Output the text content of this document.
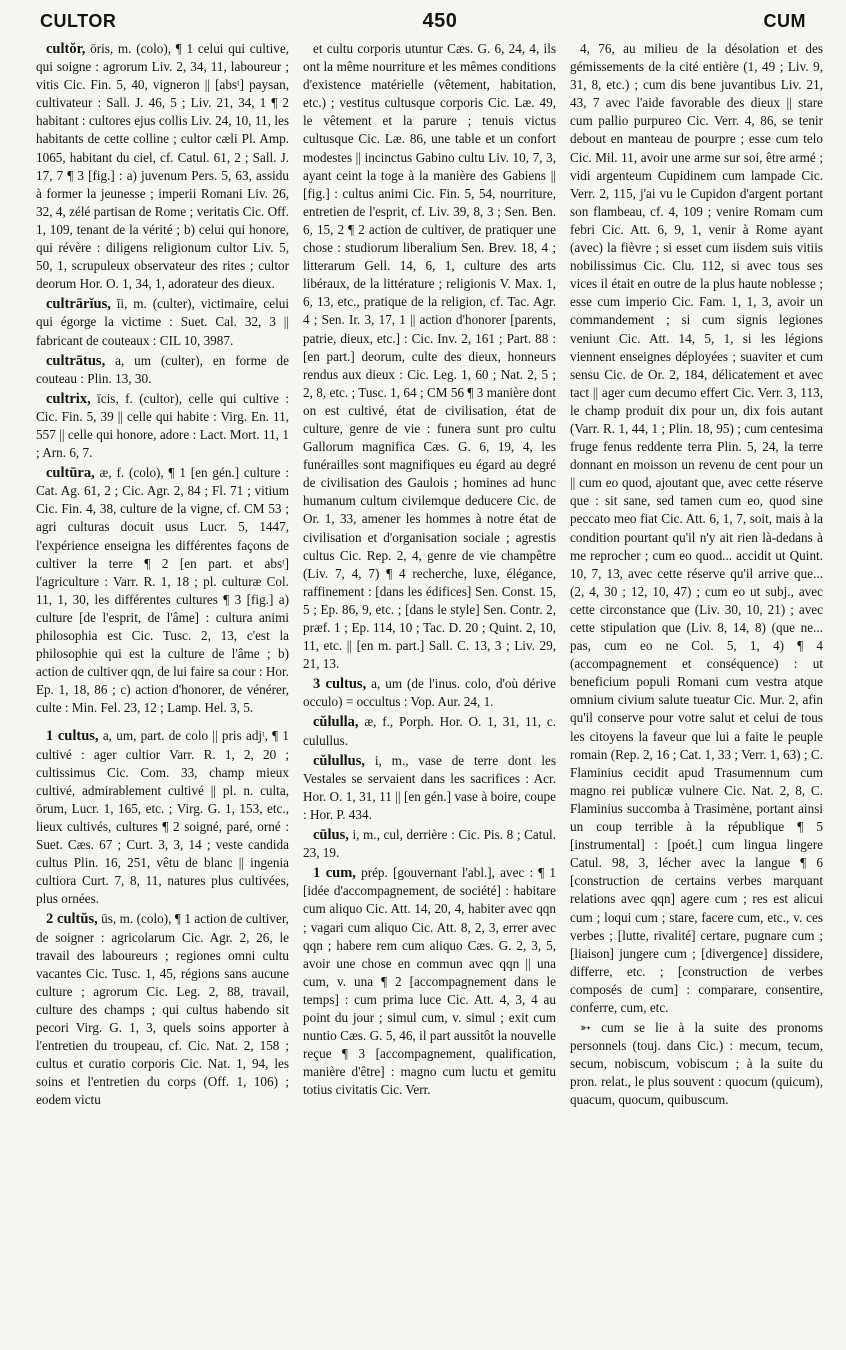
CULTOR	450	CUM

cultŏr, ōris, m. (colo), ¶ 1 celui qui cultive, qui soigne : agrorum Liv. 2, 34, 11, laboureur ; vitis Cic. Fin. 5, 40, vigneron || [absᵗ] paysan, cultivateur : Sall. J. 46, 5 ; Liv. 21, 34, 1 ¶ 2 habitant : cultores ejus collis Liv. 24, 10, 11, les habitants de cette colline ; cultor cæli Pl. Amp. 1065, habitant du ciel, cf. Catul. 61, 2 ; Sall. J. 17, 7 ¶ 3 [fig.] : a) juvenum Pers. 5, 63, assidu à former la jeunesse ; imperii Romani Liv. 26, 32, 4, zélé partisan de Rome ; veritatis Cic. Off. 1, 109, tenant de la vérité ; b) celui qui honore, qui révère : diligens religionum cultor Liv. 5, 50, 1, scrupuleux observateur des rites ; cultor deorum Hor. O. 1, 34, 1, adorateur des dieux.

cultrārĭus, ĭi, m. (culter), victimaire, celui qui égorge la victime : Suet. Cal. 32, 3 || fabricant de couteaux : CIL 10, 3987.

cultrātus, a, um (culter), en forme de couteau : Plin. 13, 30.

cultrix, īcis, f. (cultor), celle qui cultive : Cic. Fin. 5, 39 || celle qui habite : Virg. En. 11, 557 || celle qui honore, adore : Lact. Mort. 11, 1 ; Arn. 6, 7.

cultūra, æ, f. (colo), ¶ 1 [en gén.] culture : Cat. Ag. 61, 2 ; Cic. Agr. 2, 84 ; Fl. 71 ; vitium Cic. Fin. 4, 38, culture de la vigne, cf. CM 53 ; agri culturas docuit usus Lucr. 5, 1447, l'expérience enseigna les différentes façons de cultiver la terre ¶ 2 [en part. et absᵗ] l'agriculture : Varr. R. 1, 18 ; pl. culturæ Col. 11, 1, 30, les différentes cultures ¶ 3 [fig.] a) culture [de l'esprit, de l'âme] : cultura animi philosophia est Cic. Tusc. 2, 13, c'est la philosophie qui est la culture de l'âme ; b) action de cultiver qqn, de lui faire sa cour : Hor. Ep. 1, 18, 86 ; c) action d'honorer, de vénérer, culte : Min. Fel. 23, 12 ; Lamp. Hel. 3, 5.

1 cultus, a, um, part. de colo || pris adjᵗ, ¶ 1 cultivé : ager cultior Varr. R. 1, 2, 20 ; cultissimus Cic. Com. 33, champ mieux cultivé, admirablement cultivé || pl. n. culta, ōrum, Lucr. 1, 165, etc. ; Virg. G. 1, 153, etc., lieux cultivés, cultures ¶ 2 soigné, paré, orné : Suet. Cæs. 67 ; Curt. 3, 3, 14 ; veste candida cultus Plin. 16, 251, vêtu de blanc || ingenia cultiora Curt. 7, 8, 11, natures plus cultivées, plus ornées.

2 cultŭs, ūs, m. (colo), ¶ 1 action de cultiver, de soigner : agricolarum Cic. Agr. 2, 26, le travail des laboureurs ; regiones omni cultu vacantes Cic. Tusc. 1, 45, régions sans aucune culture ; agrorum Cic. Leg. 2, 88, travail, culture des champs ; qui cultus habendo sit pecori Virg. G. 1, 3, quels soins apporter à l'entretien du troupeau, cf. Cic. Nat. 2, 158 ; cultus et curatio corporis Cic. Nat. 1, 94, les soins et l'entretien du corps (Off. 1, 106) ; eodem victu

et cultu corporis utuntur Cæs. G. 6, 24, 4, ils ont la même nourriture et les mêmes conditions d'existence matérielle (vêtement, habitation, etc.) ; vestitus cultusque corporis Cic. Læ. 49, le vêtement et la parure ; tenuis victus cultusque Cic. Læ. 86, une table et un confort modestes || incinctus Gabino cultu Liv. 10, 7, 3, ayant ceint la toge à la manière des Gabiens || [fig.] : cultus animi Cic. Fin. 5, 54, nourriture, entretien de l'esprit, cf. Liv. 39, 8, 3 ; Sen. Ben. 6, 15, 2 ¶ 2 action de cultiver, de pratiquer une chose : studiorum liberalium Sen. Brev. 18, 4 ; litterarum Gell. 14, 6, 1, culture des arts libéraux, de la littérature ; religionis V. Max. 1, 6, 13, etc., pratique de la religion, cf. Tac. Agr. 4 ; Sen. Ir. 3, 17, 1 || action d'honorer [parents, patrie, dieux, etc.] : Cic. Inv. 2, 161 ; Part. 88 : [en part.] deorum, culte des dieux, honneurs rendus aux dieux : Cic. Leg. 1, 60 ; Nat. 2, 5 ; 2, 8, etc. ; Tusc. 1, 64 ; CM 56 ¶ 3 manière dont on est cultivé, état de civilisation, état de culture, genre de vie : funera sunt pro cultu Gallorum magnifica Cæs. G. 6, 19, 4, les funérailles sont magnifiques eu égard au degré de civilisation des Gaulois ; homines ad hunc humanum cultum civilemque deducere Cic. de Or. 1, 33, amener les hommes à notre état de civilisation et d'organisation sociale ; agrestis cultus Cic. Rep. 2, 4, genre de vie champêtre (Liv. 7, 4, 7) ¶ 4 recherche, luxe, élégance, raffinement : [dans les édifices] Sen. Const. 15, 5 ; Ep. 86, 9, etc. ; [dans le style] Sen. Contr. 2, præf. 1 ; Ep. 114, 10 ; Tac. D. 20 ; Quint. 2, 10, 11, etc. || [en m. part.] Sall. C. 13, 3 ; Liv. 29, 21, 13.

3 cultus, a, um (de l'inus. colo, d'où dérive occulo) = occultus : Vop. Aur. 24, 1.

cŭlulla, æ, f., Porph. Hor. O. 1, 31, 11, c. culullus.

cŭlullus, i, m., vase de terre dont les Vestales se servaient dans les sacrifices : Acr. Hor. O. 1, 31, 11 || [en gén.] vase à boire, coupe : Hor. P. 434.

cūlus, i, m., cul, derrière : Cic. Pis. 8 ; Catul. 23, 19.

1 cum, prép. [gouvernant l'abl.], avec : ¶ 1 [idée d'accompagnement, de société] : habitare cum aliquo Cic. Att. 14, 20, 4, habiter avec qqn ; vagari cum aliquo Cic. Att. 8, 2, 3, errer avec qqn ; habere rem cum aliquo Cæs. G. 2, 3, 5, avoir une chose en commun avec qqn || una cum, v. una ¶ 2 [accompagnement dans le temps] : cum prima luce Cic. Att. 4, 3, 4 au point du jour ; simul cum, v. simul ; exit cum nuntio Cæs. G. 5, 46, il part aussitôt la nouvelle reçue ¶ 3 [accompagnement, qualification, manière d'être] : magno cum luctu et gemitu totius civitatis Cic. Verr.

4, 76, au milieu de la désolation et des gémissements de la cité entière (1, 49 ; Liv. 9, 31, 8, etc.) ; cum dis bene juvantibus Liv. 21, 43, 7 avec l'aide favorable des dieux || stare cum pallio purpureo Cic. Verr. 4, 86, se tenir debout en manteau de pourpre ; esse cum telo Cic. Mil. 11, avoir une arme sur soi, être armé ; vidi argenteum Cupidinem cum lampade Cic. Verr. 2, 115, j'ai vu le Cupidon d'argent portant son flambeau, cf. 4, 109 ; venire Romam cum febri Cic. Att. 6, 9, 1, venir à Rome ayant (avec) la fièvre ; si esset cum iisdem suis vitiis nobilissimus Cic. Clu. 112, si avec tous ses vices il était en outre de la plus haute noblesse ; esse cum imperio Cic. Fam. 1, 1, 3, avoir un commandement ; si cum signis legiones veniunt Cic. Att. 14, 5, 1, si les légions viennent enseignes déployées ; suaviter et cum sensu Cic. de Or. 2, 184, délicatement et avec tact || ager cum decumo effert Cic. Verr. 3, 113, le champ produit dix pour un, dix fois autant (Varr. R. 1, 44, 1 ; Plin. 18, 95) ; cum centesima fruge fenus reddente terra Plin. 5, 24, la terre donnant en moisson un revenu de cent pour un || cum eo quod, ajoutant que, avec cette réserve que : sit sane, sed tamen cum eo, quod sine peccato meo fiat Cic. Att. 6, 1, 7, soit, mais à la condition pourtant qu'il n'y ait rien là-dedans à me reprocher ; cum eo quod... accidit ut Quint. 10, 7, 13, avec cette réserve qu'il arrive que... (2, 4, 30 ; 12, 10, 47) ; cum eo ut subj., avec cette circonstance que (Liv. 30, 10, 21) ; avec cette stipulation que (Liv. 8, 14, 8) (que ne... pas, cum eo ne Col. 5, 1, 4) ¶ 4 (accompagnement et conséquence) : ut beneficium populi Romani cum vestra atque omnium civium salute tueatur Cic. Mur. 2, afin qu'il conserve pour votre salut et celui de tous les citoyens la faveur que lui a faite le peuple romain (Rep. 2, 16 ; Cat. 1, 33 ; Verr. 1, 63) ; C. Flaminius cecidit apud Trasumennum cum magno rei publicæ vulnere Cic. Nat. 2, 8, C. Flaminius succomba à Trasimène, portant ainsi un coup terrible à la république ¶ 5 [instrumental] : [poét.] cum lingua lingere Catul. 98, 3, lécher avec la langue ¶ 6 [construction de certains verbes marquant relations avec qqn] agere cum ; res est alicui cum ; loqui cum ; stare, facere cum, etc., v. ces verbes ; [lutte, rivalité] certare, pugnare cum ; [liaison] jungere cum ; [divergence] dissidere, differre, etc. ; [construction de verbes composés de cum] : comparare, consentire, conferre, cum, etc.

➳ cum se lie à la suite des pronoms personnels (touj. dans Cic.) : mecum, tecum, secum, nobiscum, vobiscum ; à la suite du pron. relat., le plus souvent : quocum (quicum), quacum, quocum, quibuscum.
